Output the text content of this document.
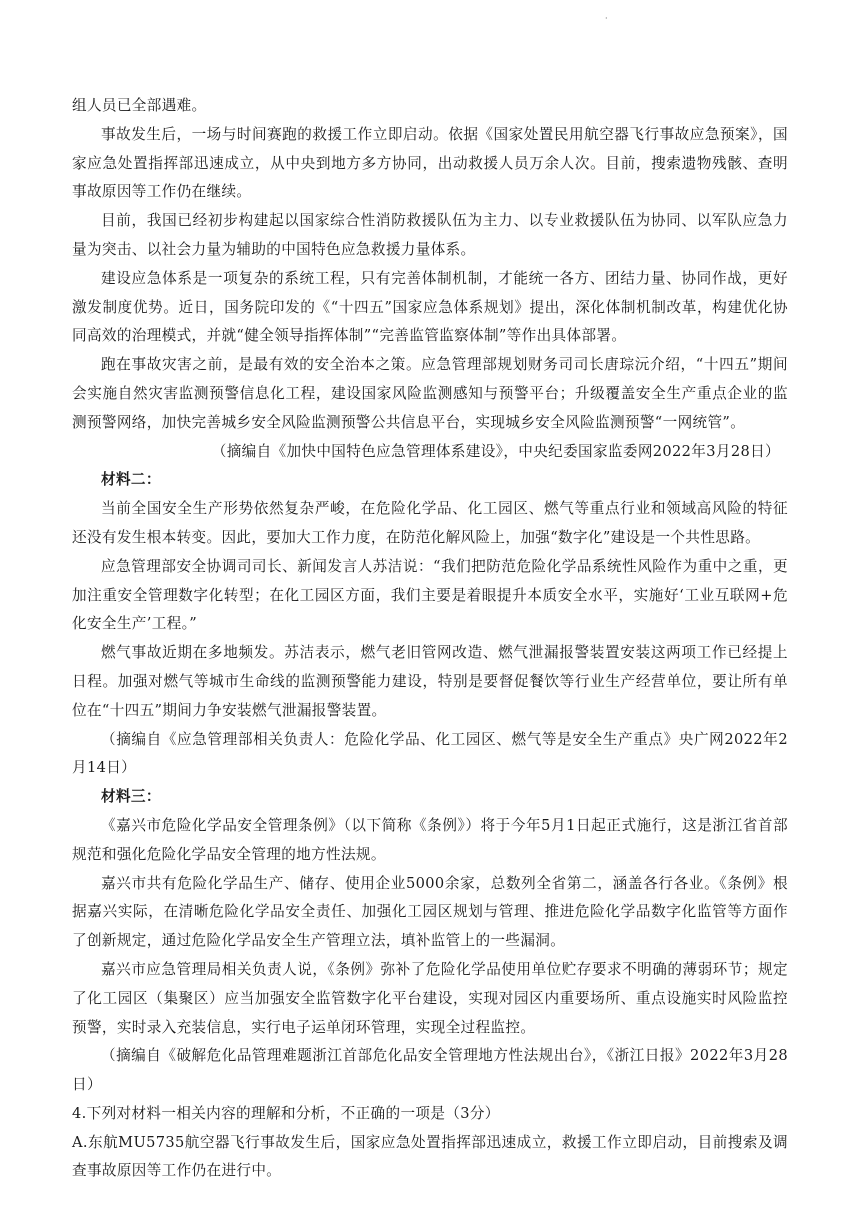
·

组人员已全部遇难。

事故发生后，一场与时间赛跑的救援工作立即启动。依据《国家处置民用航空器飞行事故应急预案》，国家应急处置指挥部迅速成立，从中央到地方多方协同，出动救援人员万余人次。目前，搜索遗物残骸、查明事故原因等工作仍在继续。

目前，我国已经初步构建起以国家综合性消防救援队伍为主力、以专业救援队伍为协同、以军队应急力量为突击、以社会力量为辅助的中国特色应急救援力量体系。

建设应急体系是一项复杂的系统工程，只有完善体制机制，才能统一各方、团结力量、协同作战，更好激发制度优势。近日，国务院印发的《“十四五”国家应急体系规划》提出，深化体制机制改革，构建优化协同高效的治理模式，并就“健全领导指挥体制”“完善监管监察体制”等作出具体部署。

跑在事故灾害之前，是最有效的安全治本之策。应急管理部规划财务司司长唐琮沅介绍，“十四五”期间会实施自然灾害监测预警信息化工程，建设国家风险监测感知与预警平台；升级覆盖安全生产重点企业的监测预警网络，加快完善城乡安全风险监测预警公共信息平台，实现城乡安全风险监测预警“一网统管”。

（摘编自《加快中国特色应急管理体系建设》，中央纪委国家监委网2022年3月28日）

材料二：

当前全国安全生产形势依然复杂严峻，在危险化学品、化工园区、燃气等重点行业和领域高风险的特征还没有发生根本转变。因此，要加大工作力度，在防范化解风险上，加强“数字化”建设是一个共性思路。

应急管理部安全协调司司长、新闻发言人苏洁说：“我们把防范危险化学品系统性风险作为重中之重，更加注重安全管理数字化转型；在化工园区方面，我们主要是着眼提升本质安全水平，实施好‘工业互联网+危化安全生产’工程。”

燃气事故近期在多地频发。苏洁表示，燃气老旧管网改造、燃气泄漏报警装置安装这两项工作已经提上日程。加强对燃气等城市生命线的监测预警能力建设，特别是要督促餐饮等行业生产经营单位，要让所有单位在“十四五”期间力争安装燃气泄漏报警装置。

（摘编自《应急管理部相关负责人：危险化学品、化工园区、燃气等是安全生产重点》央广网2022年2月14日）

材料三：

《嘉兴市危险化学品安全管理条例》（以下简称《条例》）将于今年5月1日起正式施行，这是浙江省首部规范和强化危险化学品安全管理的地方性法规。

嘉兴市共有危险化学品生产、储存、使用企业5000余家，总数列全省第二，涵盖各行各业。《条例》根据嘉兴实际，在清晰危险化学品安全责任、加强化工园区规划与管理、推进危险化学品数字化监管等方面作了创新规定，通过危险化学品安全生产管理立法，填补监管上的一些漏洞。

嘉兴市应急管理局相关负责人说，《条例》弥补了危险化学品使用单位贮存要求不明确的薄弱环节；规定了化工园区（集聚区）应当加强安全监管数字化平台建设，实现对园区内重要场所、重点设施实时风险监控预警，实时录入充装信息，实行电子运单闭环管理，实现全过程监控。

（摘编自《破解危化品管理难题浙江首部危化品安全管理地方性法规出台》，《浙江日报》2022年3月28日）

4.下列对材料一相关内容的理解和分析，不正确的一项是（3分）

A.东航MU5735航空器飞行事故发生后，国家应急处置指挥部迅速成立，救援工作立即启动，目前搜索及调查事故原因等工作仍在进行中。
